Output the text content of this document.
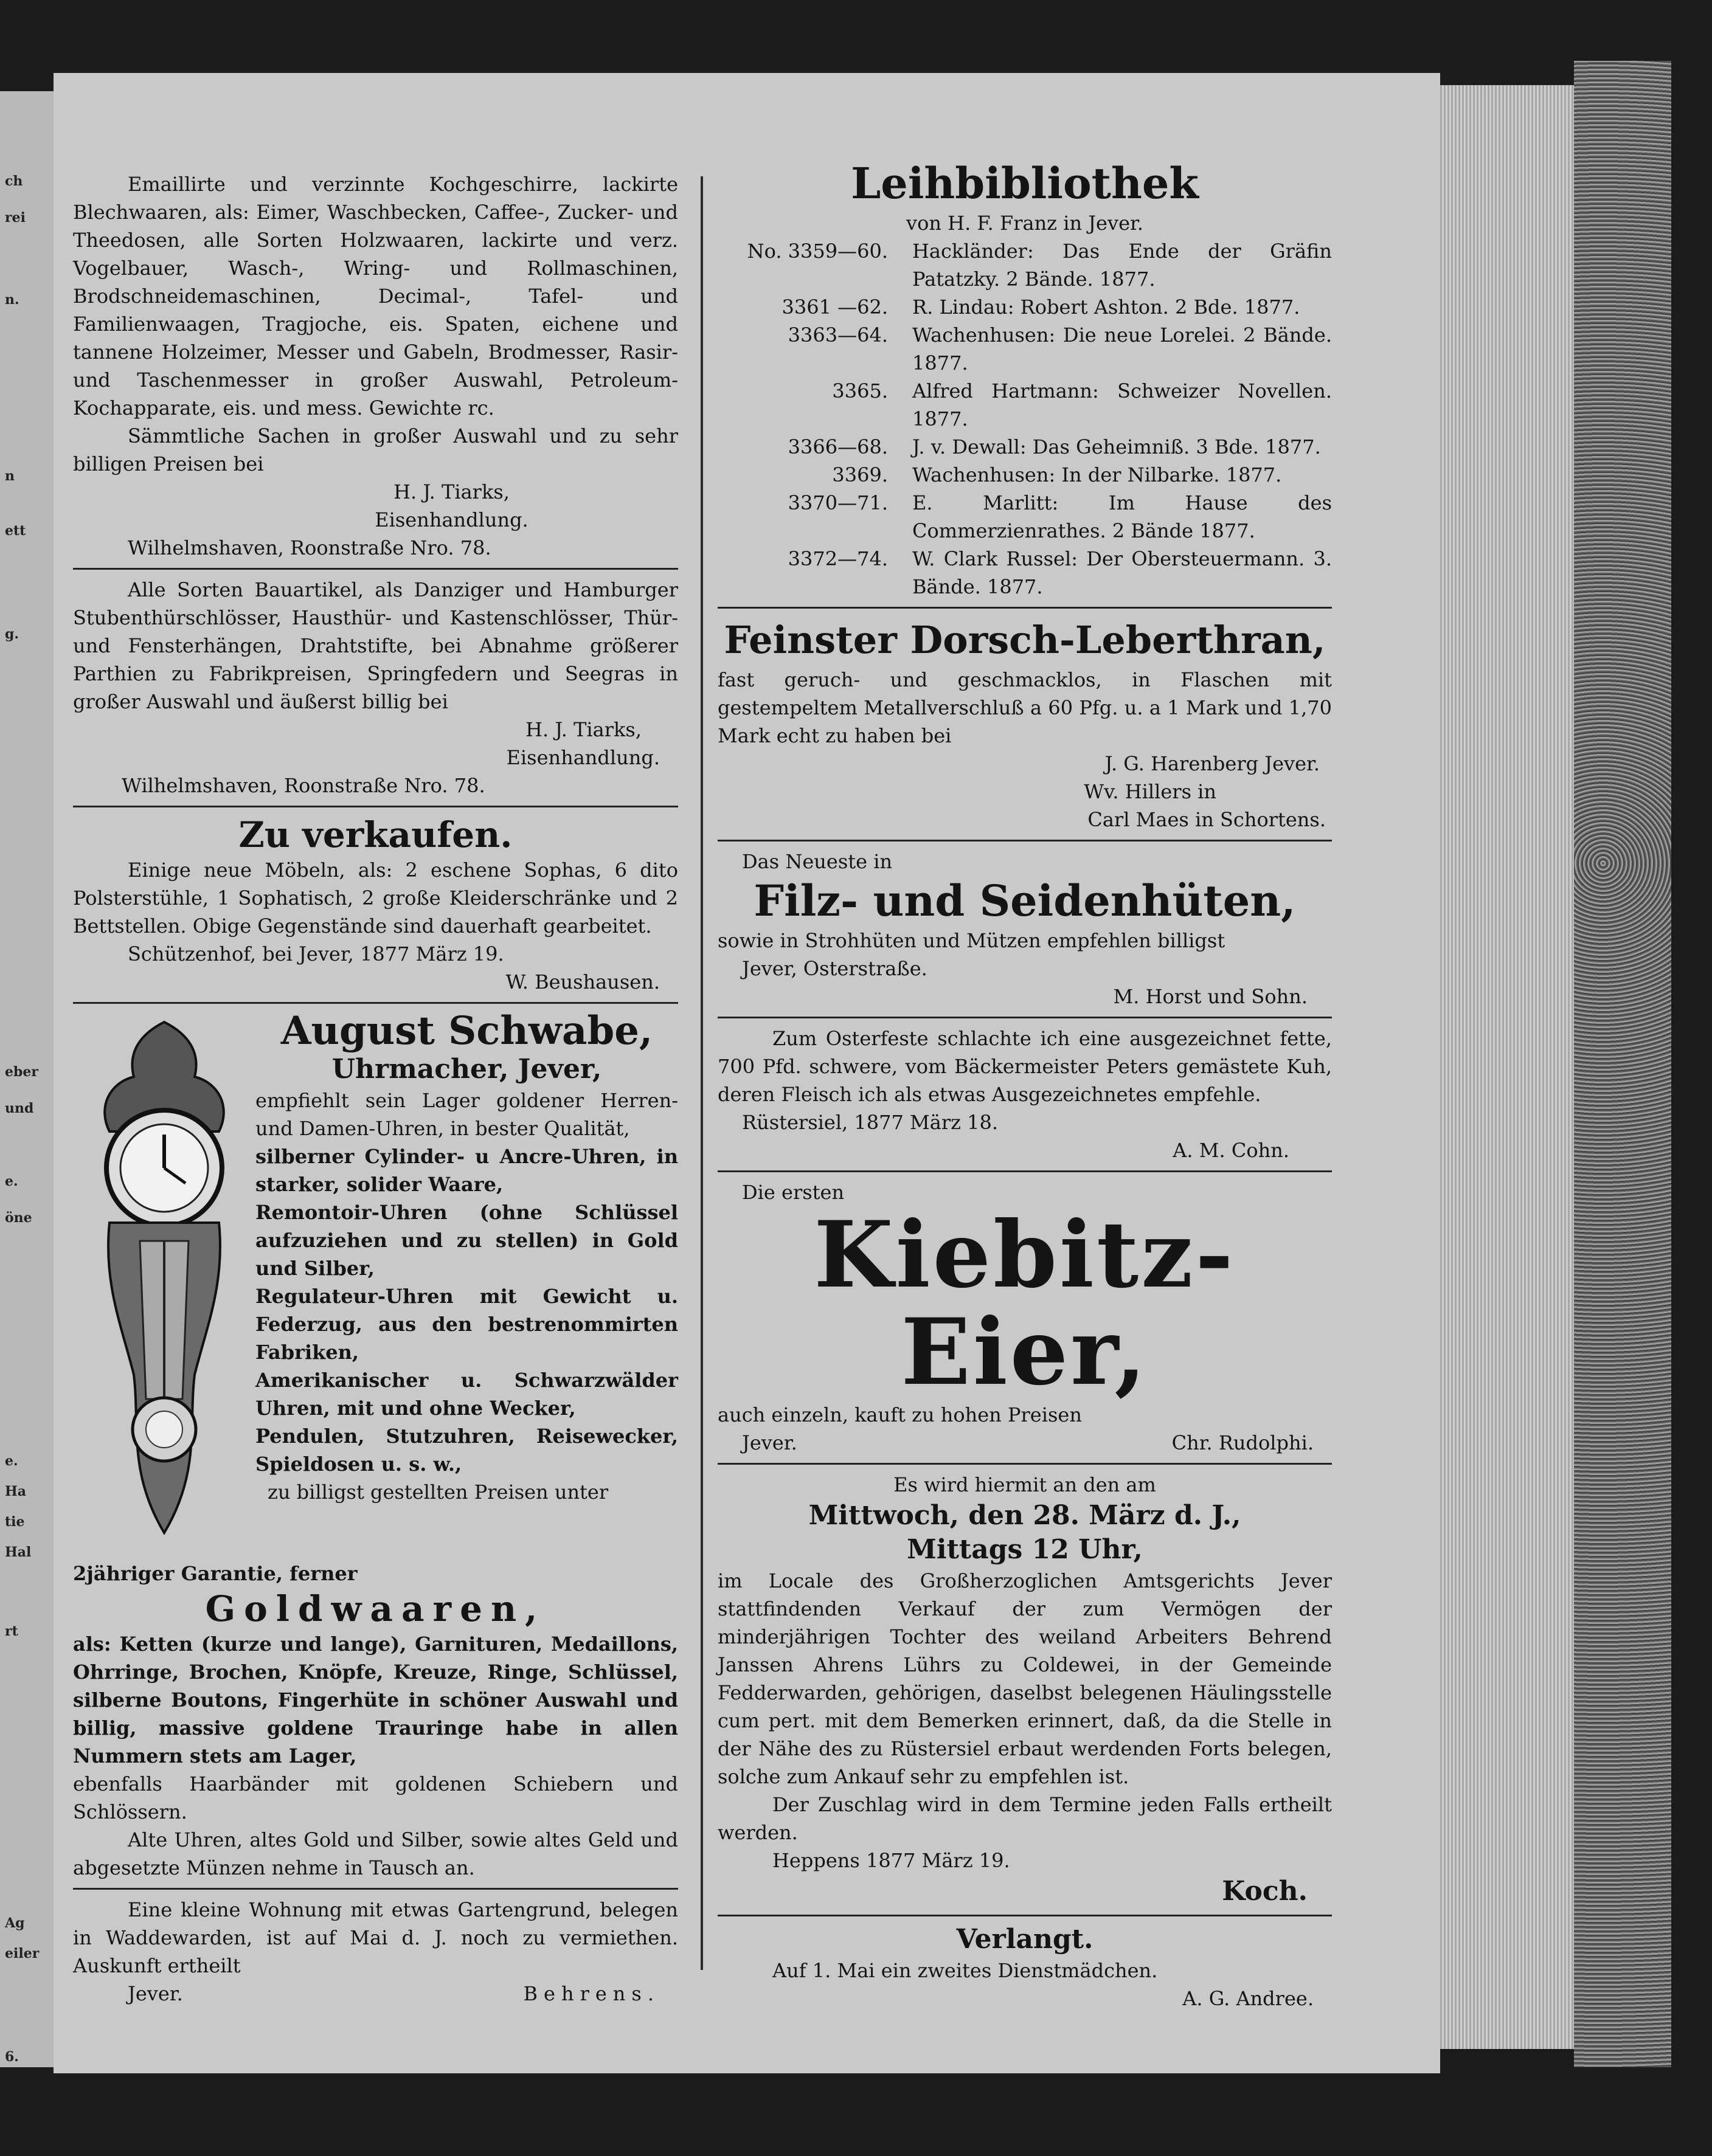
ch
rei
n.
n
ett
g.
eber
und
e.
öne
e.
Ha
tie
Hal
rt
Ag
eiler
6.

Emaillirte und verzinnte Kochgeschirre, lackirte Blechwaaren, als: Eimer, Waschbecken, Caffee-, Zucker- und Theedosen, alle Sorten Holzwaaren, lackirte und verz. Vogelbauer, Wasch-, Wring- und Rollmaschinen, Brodschneidemaschinen, Decimal-, Tafel- und Familienwaagen, Tragjoche, eis. Spaten, eichene und tannene Holzeimer, Messer und Gabeln, Brodmesser, Rasir- und Taschenmesser in großer Auswahl, Petroleum-Kochapparate, eis. und mess. Gewichte rc.

Sämmtliche Sachen in großer Auswahl und zu sehr billigen Preisen bei

H. J. Tiarks,

Eisenhandlung.

Wilhelmshaven, Roonstraße Nro. 78.

Alle Sorten Bauartikel, als Danziger und Hamburger Stubenthürschlösser, Hausthür- und Kastenschlösser, Thür- und Fensterhängen, Drahtstifte, bei Abnahme größerer Parthien zu Fabrikpreisen, Springfedern und Seegras in großer Auswahl und äußerst billig bei

H. J. Tiarks,

Eisenhandlung.

Wilhelmshaven, Roonstraße Nro. 78.

Zu verkaufen.

Einige neue Möbeln, als: 2 eschene Sophas, 6 dito Polsterstühle, 1 Sophatisch, 2 große Kleiderschränke und 2 Bettstellen. Obige Gegenstände sind dauerhaft gearbeitet.

Schützenhof, bei Jever, 1877 März 19.

W. Beushausen.

August Schwabe,

Uhrmacher, Jever,

empfiehlt sein Lager goldener Herren- und Damen-Uhren, in bester Qualität,

silberner Cylinder- u Ancre-Uhren, in starker, solider Waare,

Remontoir-Uhren (ohne Schlüssel aufzuziehen und zu stellen) in Gold und Silber,

Regulateur-Uhren mit Gewicht u. Federzug, aus den bestrenommirten Fabriken,

Amerikanischer u. Schwarzwälder Uhren, mit und ohne Wecker,

Pendulen, Stutzuhren, Reisewecker, Spieldosen u. s. w.,

zu billigst gestellten Preisen unter

2jähriger Garantie, ferner

Goldwaaren,

als: Ketten (kurze und lange), Garnituren, Medaillons, Ohrringe, Brochen, Knöpfe, Kreuze, Ringe, Schlüssel, silberne Boutons, Fingerhüte in schöner Auswahl und billig, massive goldene Trauringe habe in allen Nummern stets am Lager,

ebenfalls Haarbänder mit goldenen Schiebern und Schlössern.

Alte Uhren, altes Gold und Silber, sowie altes Geld und abgesetzte Münzen nehme in Tausch an.

Eine kleine Wohnung mit etwas Gartengrund, belegen in Waddewarden, ist auf Mai d. J. noch zu vermiethen. Auskunft ertheilt

Jever.	Behrens.

Leihbibliothek

von H. F. Franz in Jever.

No. 3359—60.	Hackländer: Das Ende der Gräfin Patatzky. 2 Bände. 1877.
3361 —62.	R. Lindau: Robert Ashton. 2 Bde. 1877.
3363—64.	Wachenhusen: Die neue Lorelei. 2 Bände. 1877.
3365.	Alfred Hartmann: Schweizer Novellen. 1877.
3366—68.	J. v. Dewall: Das Geheimniß. 3 Bde. 1877.
3369.	Wachenhusen: In der Nilbarke. 1877.
3370—71.	E. Marlitt: Im Hause des Commerzienrathes. 2 Bände 1877.
3372—74.	W. Clark Russel: Der Obersteuermann. 3. Bände. 1877.

Feinster Dorsch-Leberthran,

fast geruch- und geschmacklos, in Flaschen mit gestempeltem Metallverschluß a 60 Pfg. u. a 1 Mark und 1,70 Mark echt zu haben bei

J. G. Harenberg Jever.

Wv. Hillers in

Carl Maes in Schortens.

Das Neueste in

Filz- und Seidenhüten,

sowie in Strohhüten und Mützen empfehlen billigst

Jever, Osterstraße.

M. Horst und Sohn.

Zum Osterfeste schlachte ich eine ausgezeichnet fette, 700 Pfd. schwere, vom Bäckermeister Peters gemästete Kuh, deren Fleisch ich als etwas Ausgezeichnetes empfehle.

Rüstersiel, 1877 März 18.

A. M. Cohn.

Die ersten

Kiebitz-Eier,

auch einzeln, kauft zu hohen Preisen

Jever.	Chr. Rudolphi.

Es wird hiermit an den am

Mittwoch, den 28. März d. J.,

Mittags 12 Uhr,

im Locale des Großherzoglichen Amtsgerichts Jever stattfindenden Verkauf der zum Vermögen der minderjährigen Tochter des weiland Arbeiters Behrend Janssen Ahrens Lührs zu Coldewei, in der Gemeinde Fedderwarden, gehörigen, daselbst belegenen Häulingsstelle cum pert. mit dem Bemerken erinnert, daß, da die Stelle in der Nähe des zu Rüstersiel erbaut werdenden Forts belegen, solche zum Ankauf sehr zu empfehlen ist.

Der Zuschlag wird in dem Termine jeden Falls ertheilt werden.

Heppens 1877 März 19.

Koch.

Verlangt.

Auf 1. Mai ein zweites Dienstmädchen.

A. G. Andree.
